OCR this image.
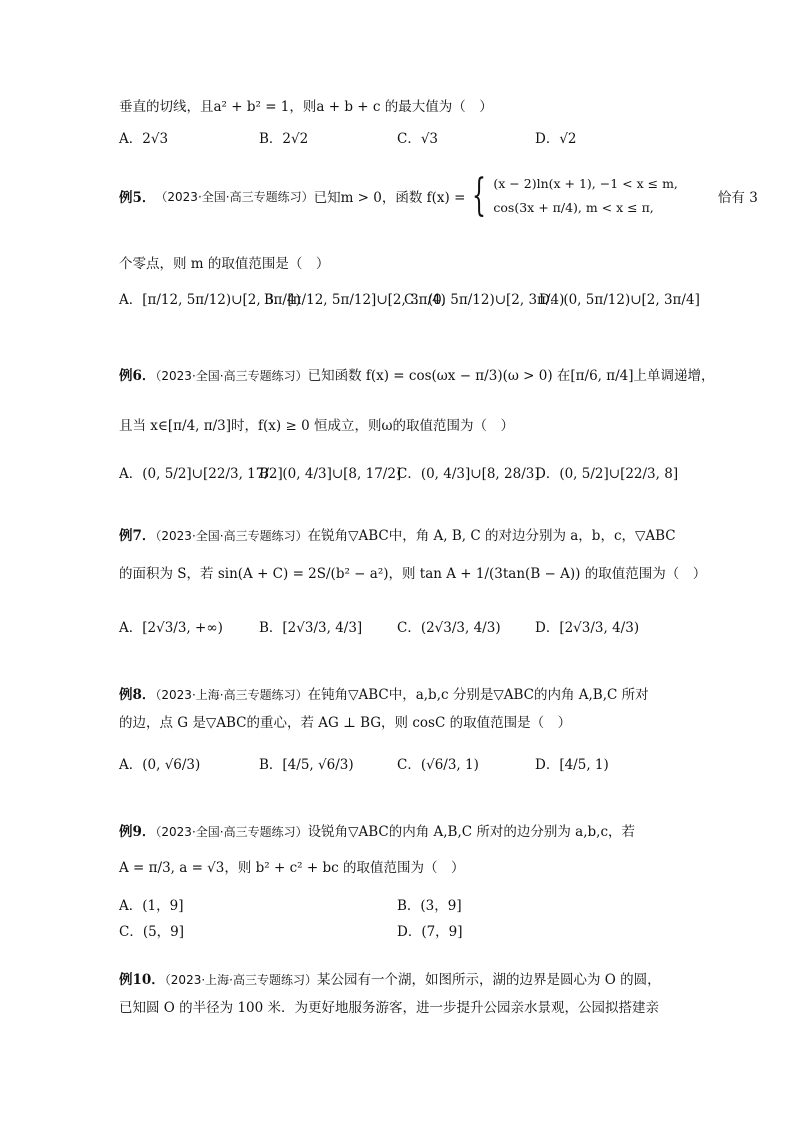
垂直的切线，且a² + b² = 1，则a + b + c 的最大值为（　）
A．2√3	B．2√2	C．√3	D．√2
例5． （2023·全国·高三专题练习） 已知m > 0，函数 f(x) = { (x − 2)ln(x + 1), −1 < x ≤ m,
cos(3x + π/4), m < x ≤ π,
恰有 3
个零点，则 m 的取值范围是（　）
A．[π/12, 5π/12)∪[2, 3π/4)
B．[π/12, 5π/12]∪[2, 3π/4)
C．(0, 5π/12)∪[2, 3π/4)
D．(0, 5π/12)∪[2, 3π/4]
例6．（2023·全国·高三专题练习）已知函数 f(x) = cos(ωx − π/3)(ω > 0) 在[π/6, π/4]上单调递增，
且当 x∈[π/4, π/3]时，f(x) ≥ 0 恒成立，则ω的取值范围为（　）
A．(0, 5/2]∪[22/3, 17/2]
B．(0, 4/3]∪[8, 17/2]
C．(0, 4/3]∪[8, 28/3]
D．(0, 5/2]∪[22/3, 8]
例7．（2023·全国·高三专题练习）在锐角▽ABC中，角 A, B, C 的对边分别为 a，b，c，▽ABC
的面积为 S，若 sin(A + C) = 2S/(b² − a²)，则 tan A + 1/(3tan(B − A)) 的取值范围为（　）
A．[2√3/3, +∞)	B．[2√3/3, 4/3]	C．(2√3/3, 4/3)	D．[2√3/3, 4/3)
例8．（2023·上海·高三专题练习）在钝角▽ABC中，a,b,c 分别是▽ABC的内角 A,B,C 所对
的边，点 G 是▽ABC的重心，若 AG ⊥ BG，则 cosC 的取值范围是（　）
A．(0, √6/3)	B．[4/5, √6/3)	C．(√6/3, 1)	D．[4/5, 1)
例9．（2023·全国·高三专题练习）设锐角▽ABC的内角 A,B,C 所对的边分别为 a,b,c，若
A = π/3, a = √3，则 b² + c² + bc 的取值范围为（　）
A．(1，9]	B．(3，9]
C．(5，9]	D．(7，9]
例10．（2023·上海·高三专题练习）某公园有一个湖，如图所示，湖的边界是圆心为 O 的圆，
已知圆 O 的半径为 100 米．为更好地服务游客，进一步提升公园亲水景观，公园拟搭建亲
